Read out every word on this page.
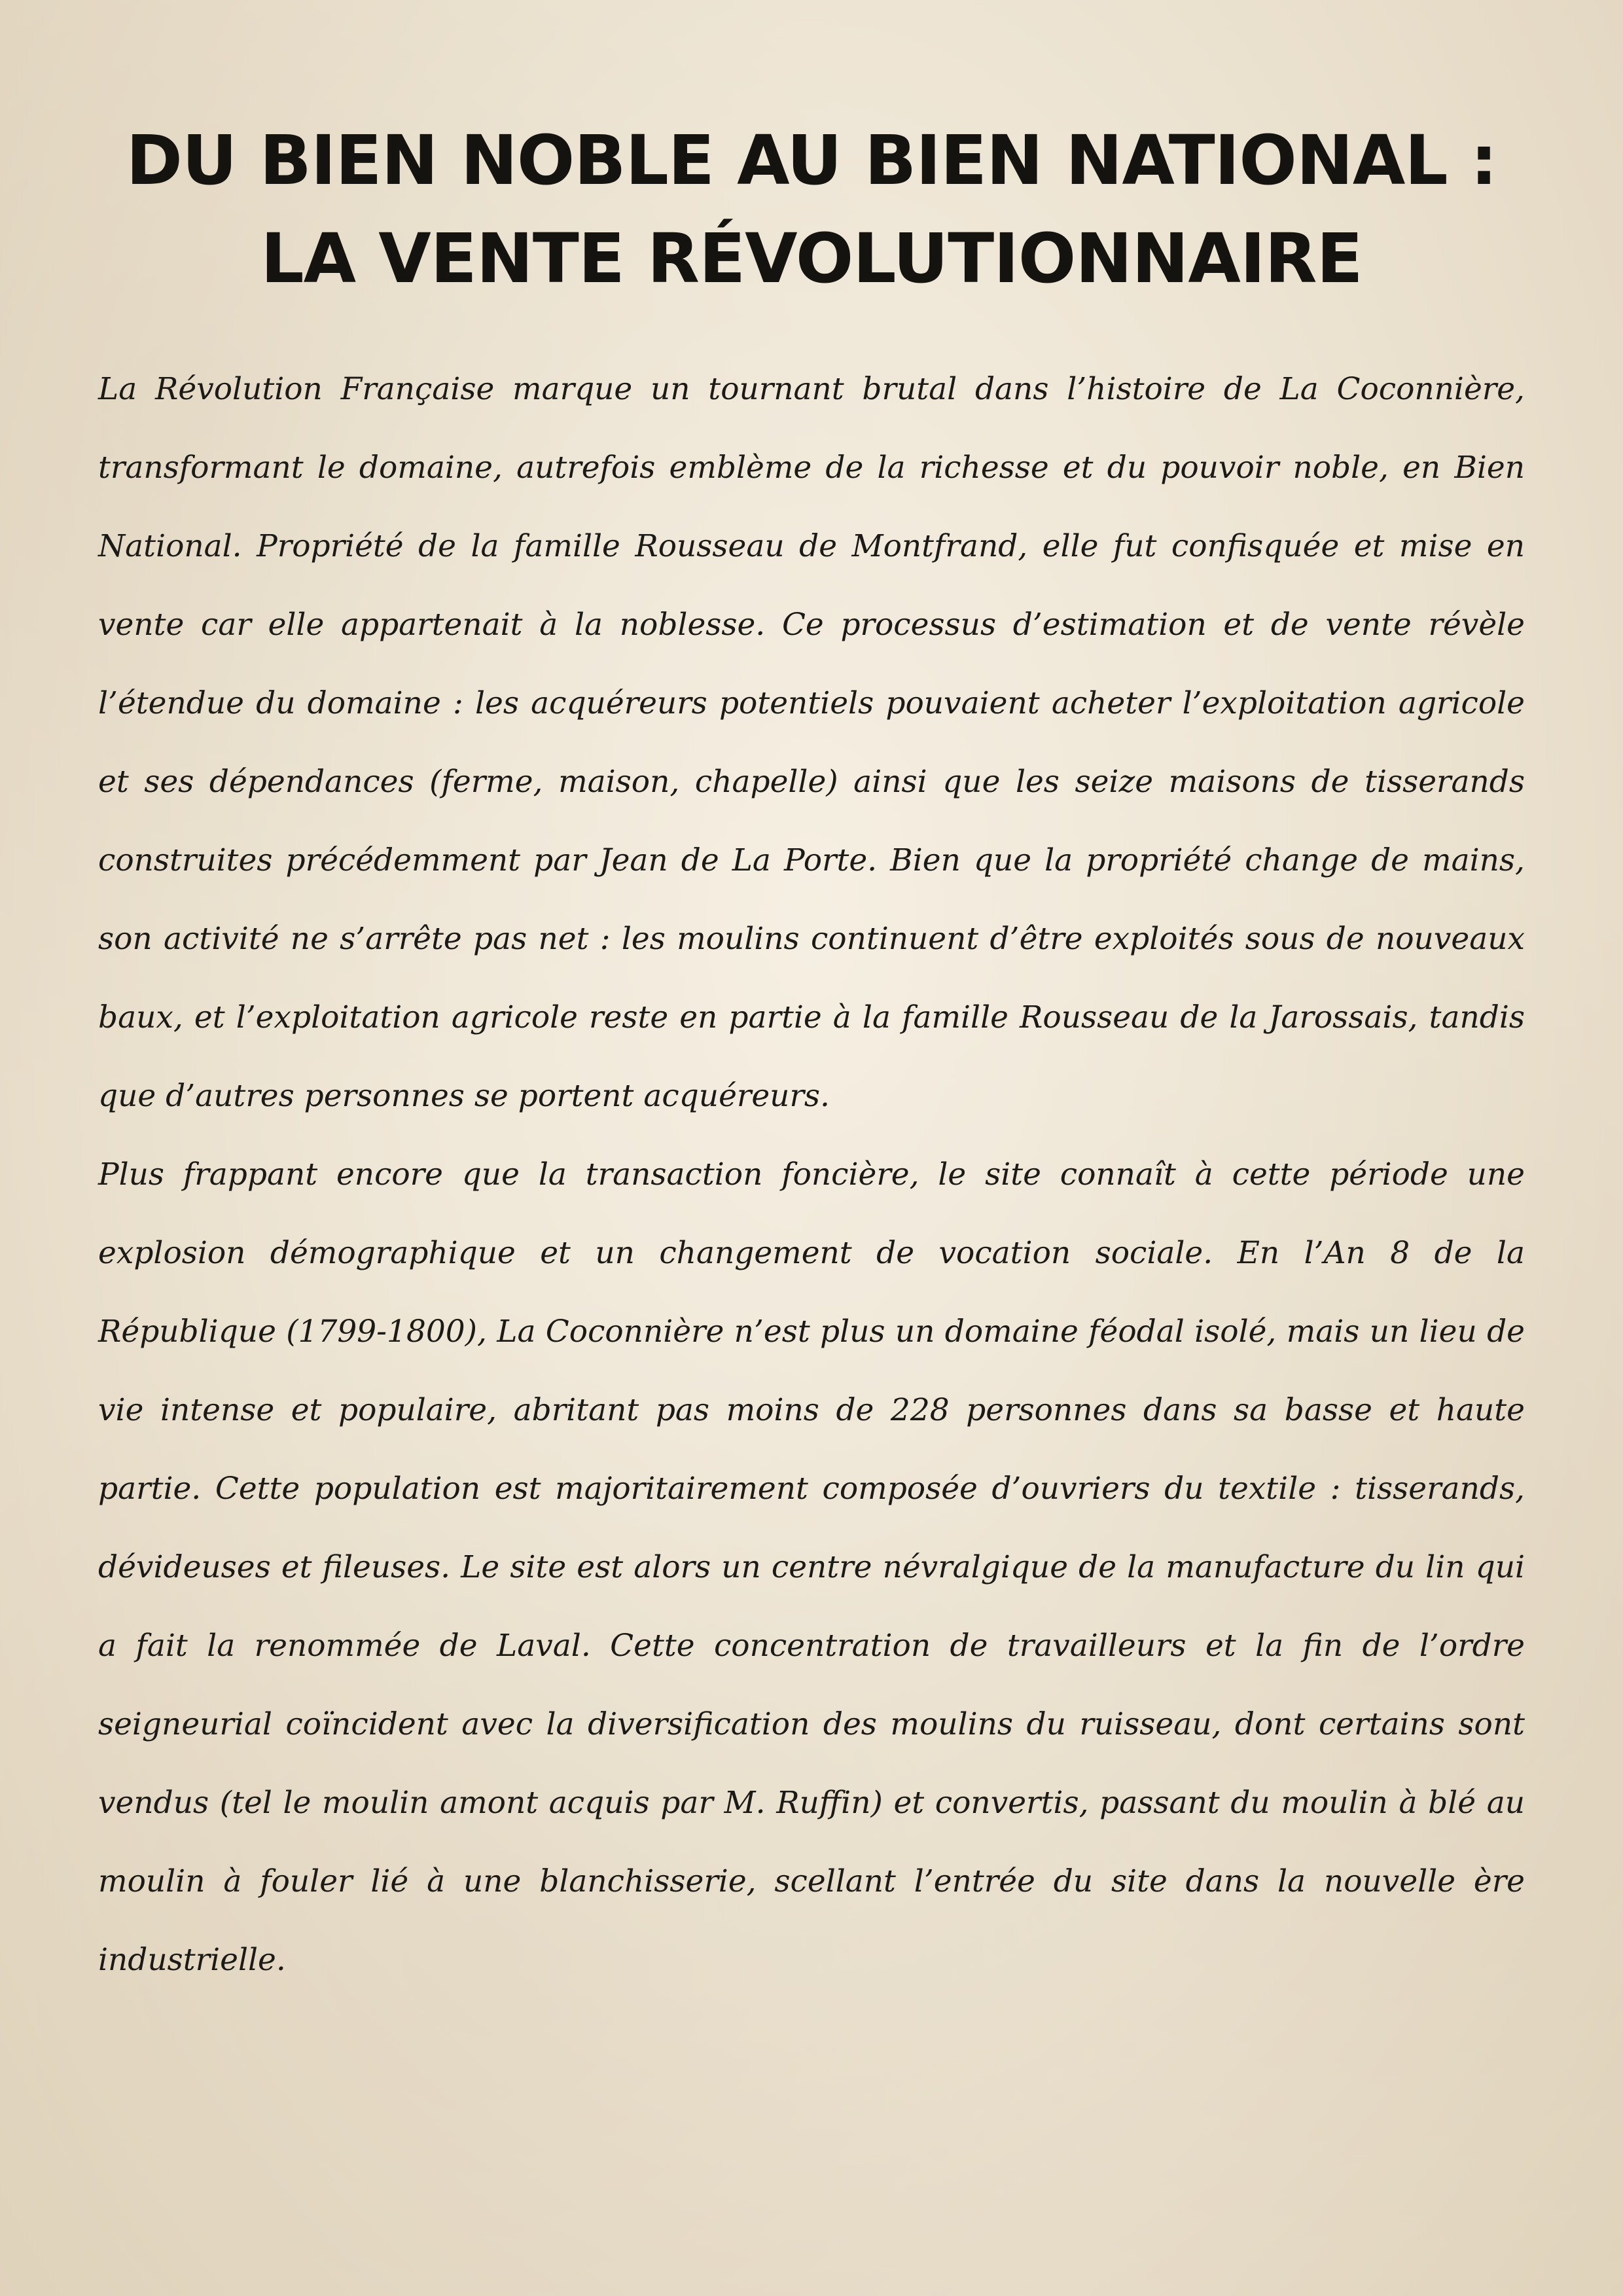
DU BIEN NOBLE AU BIEN NATIONAL :
LA VENTE RÉVOLUTIONNAIRE

La Révolution Française marque un tournant brutal dans l’histoire de La Coconnière, transformant le domaine, autrefois emblème de la richesse et du pouvoir noble, en Bien National. Propriété de la famille Rousseau de Montfrand, elle fut confisquée et mise en vente car elle appartenait à la noblesse. Ce processus d’estimation et de vente révèle l’étendue du domaine : les acquéreurs potentiels pouvaient acheter l’exploitation agricole et ses dépendances (ferme, maison, chapelle) ainsi que les seize maisons de tisserands construites précédemment par Jean de La Porte. Bien que la propriété change de mains, son activité ne s’arrête pas net : les moulins continuent d’être exploités sous de nouveaux baux, et l’exploitation agricole reste en partie à la famille Rousseau de la Jarossais, tandis que d’autres personnes se portent acquéreurs.

Plus frappant encore que la transaction foncière, le site connaît à cette période une explosion démographique et un changement de vocation sociale. En l’An 8 de la République (1799-1800), La Coconnière n’est plus un domaine féodal isolé, mais un lieu de vie intense et populaire, abritant pas moins de 228 personnes dans sa basse et haute partie. Cette population est majoritairement composée d’ouvriers du textile : tisserands, dévideuses et fileuses. Le site est alors un centre névralgique de la manufacture du lin qui a fait la renommée de Laval. Cette concentration de travailleurs et la fin de l’ordre seigneurial coïncident avec la diversification des moulins du ruisseau, dont certains sont vendus (tel le moulin amont acquis par M. Ruffin) et convertis, passant du moulin à blé au moulin à fouler lié à une blanchisserie, scellant l’entrée du site dans la nouvelle ère industrielle.
